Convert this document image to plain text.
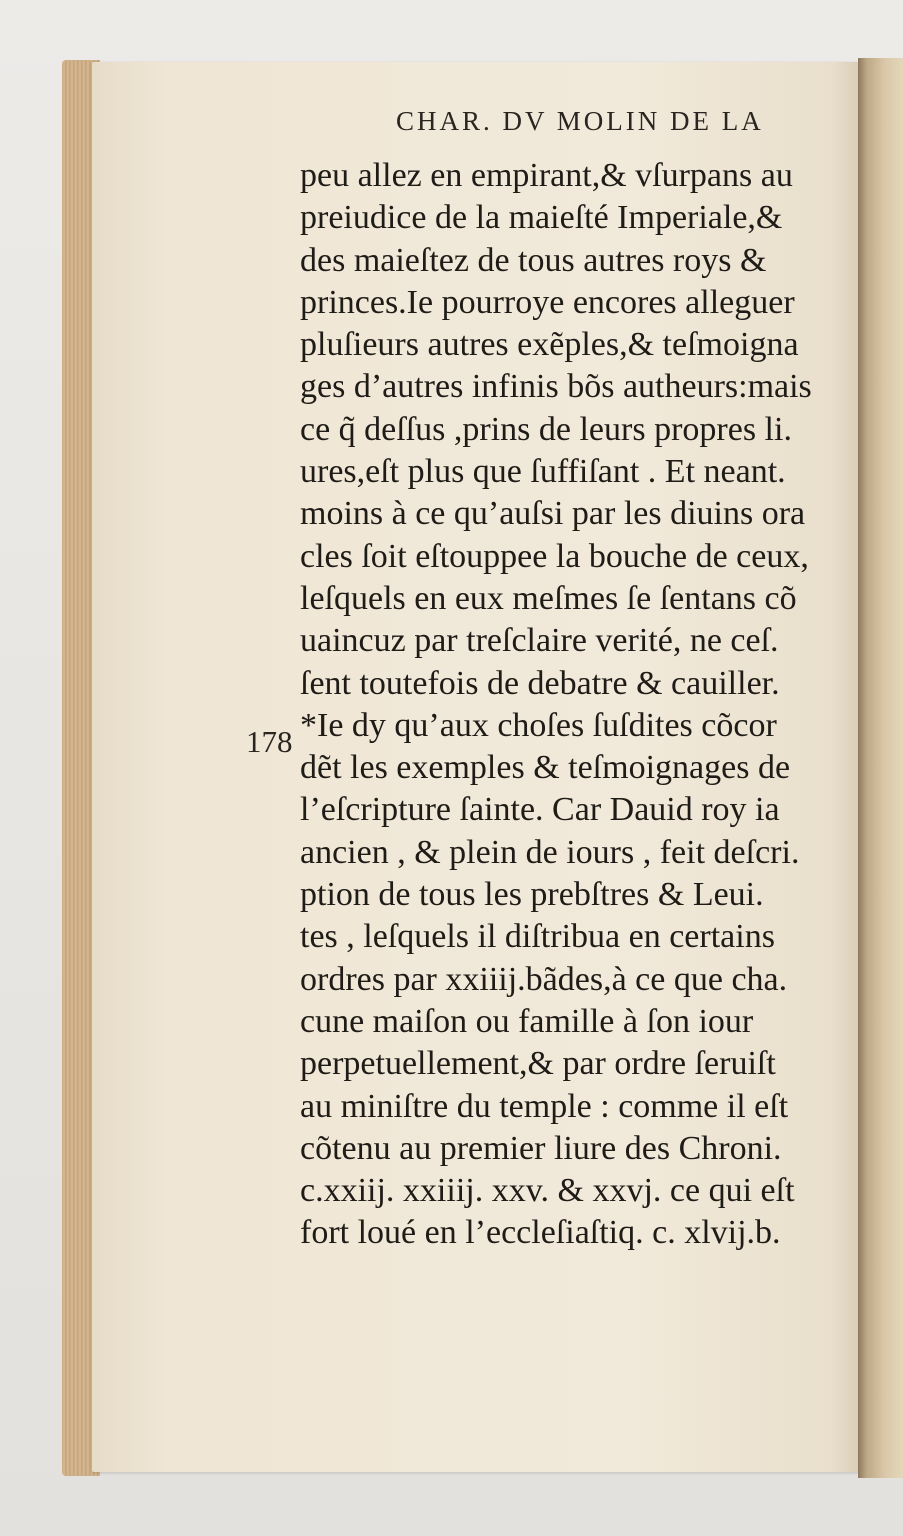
CHAR. DV MOLIN DE LA
178
peu allez en empirant,& vſurpans au
preiudice de la maieſté Imperiale,&
des maieſtez de tous autres roys &
princes.Ie pourroye encores alleguer
pluſieurs autres exẽples,& teſmoigna
ges d’autres infinis bõs autheurs:mais
ce q̃ deſſus ,prins de leurs propres li.
ures,eſt plus que ſuffiſant . Et neant.
moins à ce qu’auſsi par les diuins ora
cles ſoit eſtouppee la bouche de ceux,
leſquels en eux meſmes ſe ſentans cõ
uaincuz par treſclaire verité, ne ceſ.
ſent toutefois de debatre & cauiller.
*Ie dy qu’aux choſes ſuſdites cõcor
dẽt les exemples & teſmoignages de
l’eſcripture ſainte. Car Dauid roy ia
ancien , & plein de iours , feit deſcri.
ption de tous les prebſtres & Leui.
tes , leſquels il diſtribua en certains
ordres par xxiiij.bãdes,à ce que cha.
cune maiſon ou famille à ſon iour
perpetuellement,& par ordre ſeruiſt
au miniſtre du temple : comme il eſt
cõtenu au premier liure des Chroni.
c.xxiij. xxiiij. xxv. & xxvj. ce qui eſt
fort loué en l’eccleſiaſtiq. c. xlvij.b.
